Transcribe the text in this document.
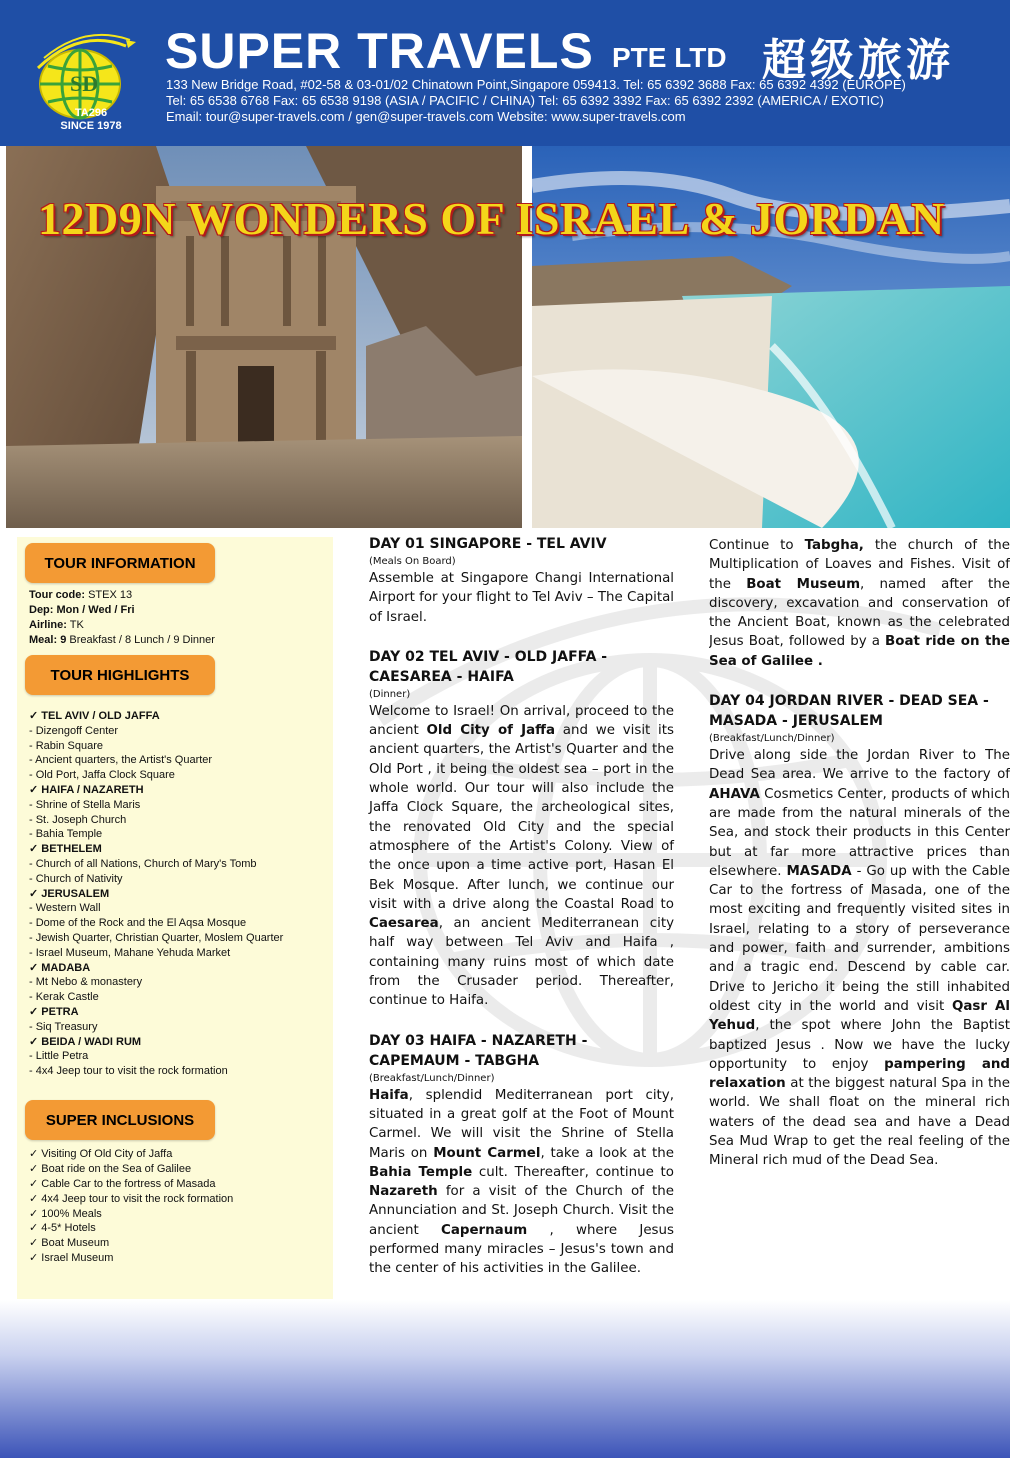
SD
TA296
SINCE 1978
SUPER TRAVELS PTE LTD 超级旅游
133 New Bridge Road, #02-58 & 03-01/02 Chinatown Point,Singapore 059413. Tel: 65 6392 3688 Fax: 65 6392 4392 (EUROPE)
Tel: 65 6538 6768 Fax: 65 6538 9198 (ASIA / PACIFIC / CHINA) Tel: 65 6392 3392 Fax: 65 6392 2392 (AMERICA / EXOTIC)
Email: tour@super-travels.com / gen@super-travels.com Website: www.super-travels.com
12D9N WONDERS OF ISRAEL & JORDAN
TOUR INFORMATION
Tour code: STEX 13
Dep: Mon / Wed / Fri
Airline: TK
Meal: 9 Breakfast / 8 Lunch / 9 Dinner
TOUR HIGHLIGHTS
✓ TEL AVIV / OLD JAFFA
- Dizengoff Center
- Rabin Square
- Ancient quarters, the Artist's Quarter
- Old Port, Jaffa Clock Square
✓ HAIFA / NAZARETH
- Shrine of Stella Maris
- St. Joseph Church
- Bahia Temple
✓ BETHELEM
- Church of all Nations, Church of Mary's Tomb
- Church of Nativity
✓ JERUSALEM
- Western Wall
- Dome of the Rock and the El Aqsa Mosque
- Jewish Quarter, Christian Quarter, Moslem Quarter
- Israel Museum, Mahane Yehuda Market
✓ MADABA
- Mt Nebo & monastery
- Kerak Castle
✓ PETRA
- Siq Treasury
✓ BEIDA / WADI RUM
- Little Petra
- 4x4 Jeep tour to visit the rock formation
SUPER INCLUSIONS
✓ Visiting Of Old City of Jaffa
✓ Boat ride on the Sea of Galilee
✓ Cable Car to the fortress of Masada
✓ 4x4 Jeep tour to visit the rock formation
✓ 100% Meals
✓ 4-5* Hotels
✓ Boat Museum
✓ Israel Museum
DAY 01 SINGAPORE - TEL AVIV
(Meals On Board)
Assemble at Singapore Changi International Airport for your flight to Tel Aviv – The Capital of Israel.
DAY 02 TEL AVIV - OLD JAFFA - CAESAREA - HAIFA
(Dinner)
Welcome to Israel! On arrival, proceed to the ancient Old City of Jaffa and we visit its ancient quarters, the Artist's Quarter and the Old Port , it being the oldest sea – port in the whole world. Our tour will also include the Jaffa Clock Square, the archeological sites, the renovated Old City and the special atmosphere of the Artist's Colony. View of the once upon a time active port, Hasan El Bek Mosque. After lunch, we continue our visit with a drive along the Coastal Road to Caesarea, an ancient Mediterranean city half way between Tel Aviv and Haifa , containing many ruins most of which date from the Crusader period. Thereafter, continue to Haifa.
DAY 03 HAIFA - NAZARETH - CAPEMAUM - TABGHA
(Breakfast/Lunch/Dinner)
Haifa, splendid Mediterranean port city, situated in a great golf at the Foot of Mount Carmel. We will visit the Shrine of Stella Maris on Mount Carmel, take a look at the Bahia Temple cult. Thereafter, continue to Nazareth for a visit of the Church of the Annunciation and St. Joseph Church. Visit the ancient Capernaum , where Jesus performed many miracles – Jesus's town and the center of his activities in the Galilee.
Continue to Tabgha, the church of the Multiplication of Loaves and Fishes. Visit of the Boat Museum, named after the discovery, excavation and conservation of the Ancient Boat, known as the celebrated Jesus Boat, followed by a Boat ride on the Sea of Galilee .
DAY 04 JORDAN RIVER - DEAD SEA - MASADA - JERUSALEM
(Breakfast/Lunch/Dinner)
Drive along side the Jordan River to The Dead Sea area. We arrive to the factory of AHAVA Cosmetics Center, products of which are made from the natural minerals of the Sea, and stock their products in this Center but at far more attractive prices than elsewhere. MASADA - Go up with the Cable Car to the fortress of Masada, one of the most exciting and frequently visited sites in Israel, relating to a story of perseverance and power, faith and surrender, ambitions and a tragic end. Descend by cable car. Drive to Jericho it being the still inhabited oldest city in the world and visit Qasr Al Yehud, the spot where John the Baptist baptized Jesus . Now we have the lucky opportunity to enjoy pampering and relaxation at the biggest natural Spa in the world. We shall float on the mineral rich waters of the dead sea and have a Dead Sea Mud Wrap to get the real feeling of the Mineral rich mud of the Dead Sea.
